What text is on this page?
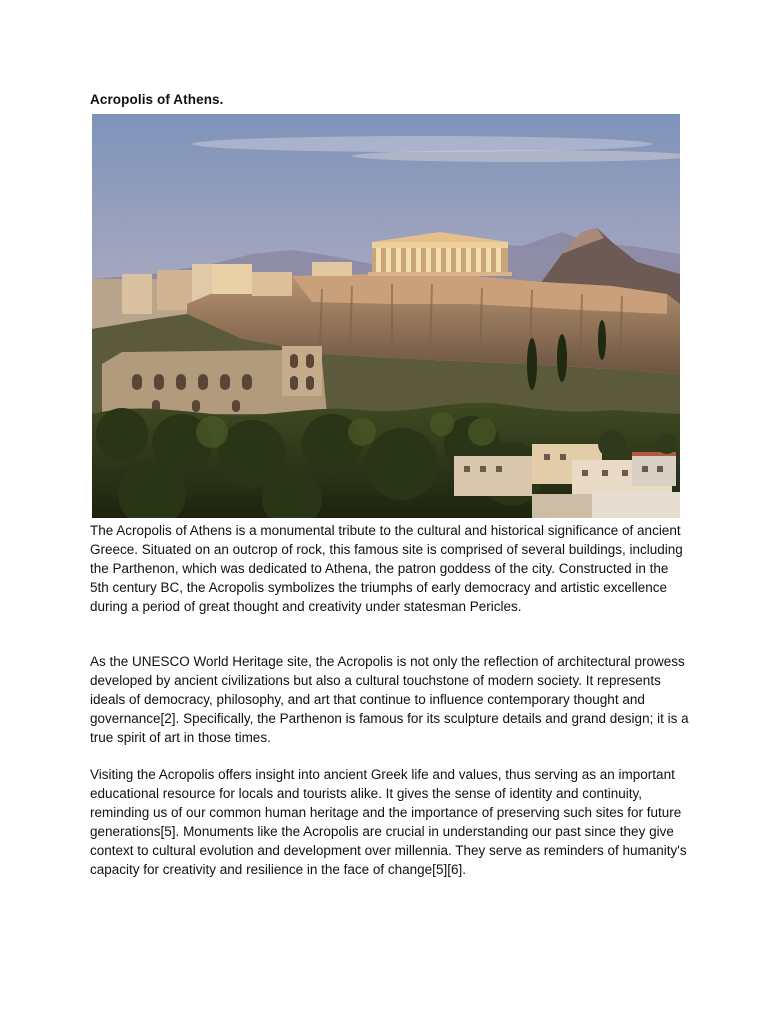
Acropolis of Athens.

The Acropolis of Athens is a monumental tribute to the cultural and historical significance of ancient Greece. Situated on an outcrop of rock, this famous site is comprised of several buildings, including the Parthenon, which was dedicated to Athena, the patron goddess of the city. Constructed in the 5th century BC, the Acropolis symbolizes the triumphs of early democracy and artistic excellence during a period of great thought and creativity under statesman Pericles.

As the UNESCO World Heritage site, the Acropolis is not only the reflection of architectural prowess developed by ancient civilizations but also a cultural touchstone of modern society. It represents ideals of democracy, philosophy, and art that continue to influence contemporary thought and governance[2]. Specifically, the Parthenon is famous for its sculpture details and grand design; it is a true spirit of art in those times.

Visiting the Acropolis offers insight into ancient Greek life and values, thus serving as an important educational resource for locals and tourists alike. It gives the sense of identity and continuity, reminding us of our common human heritage and the importance of preserving such sites for future generations[5]. Monuments like the Acropolis are crucial in understanding our past since they give context to cultural evolution and development over millennia. They serve as reminders of humanity's capacity for creativity and resilience in the face of change[5][6].
